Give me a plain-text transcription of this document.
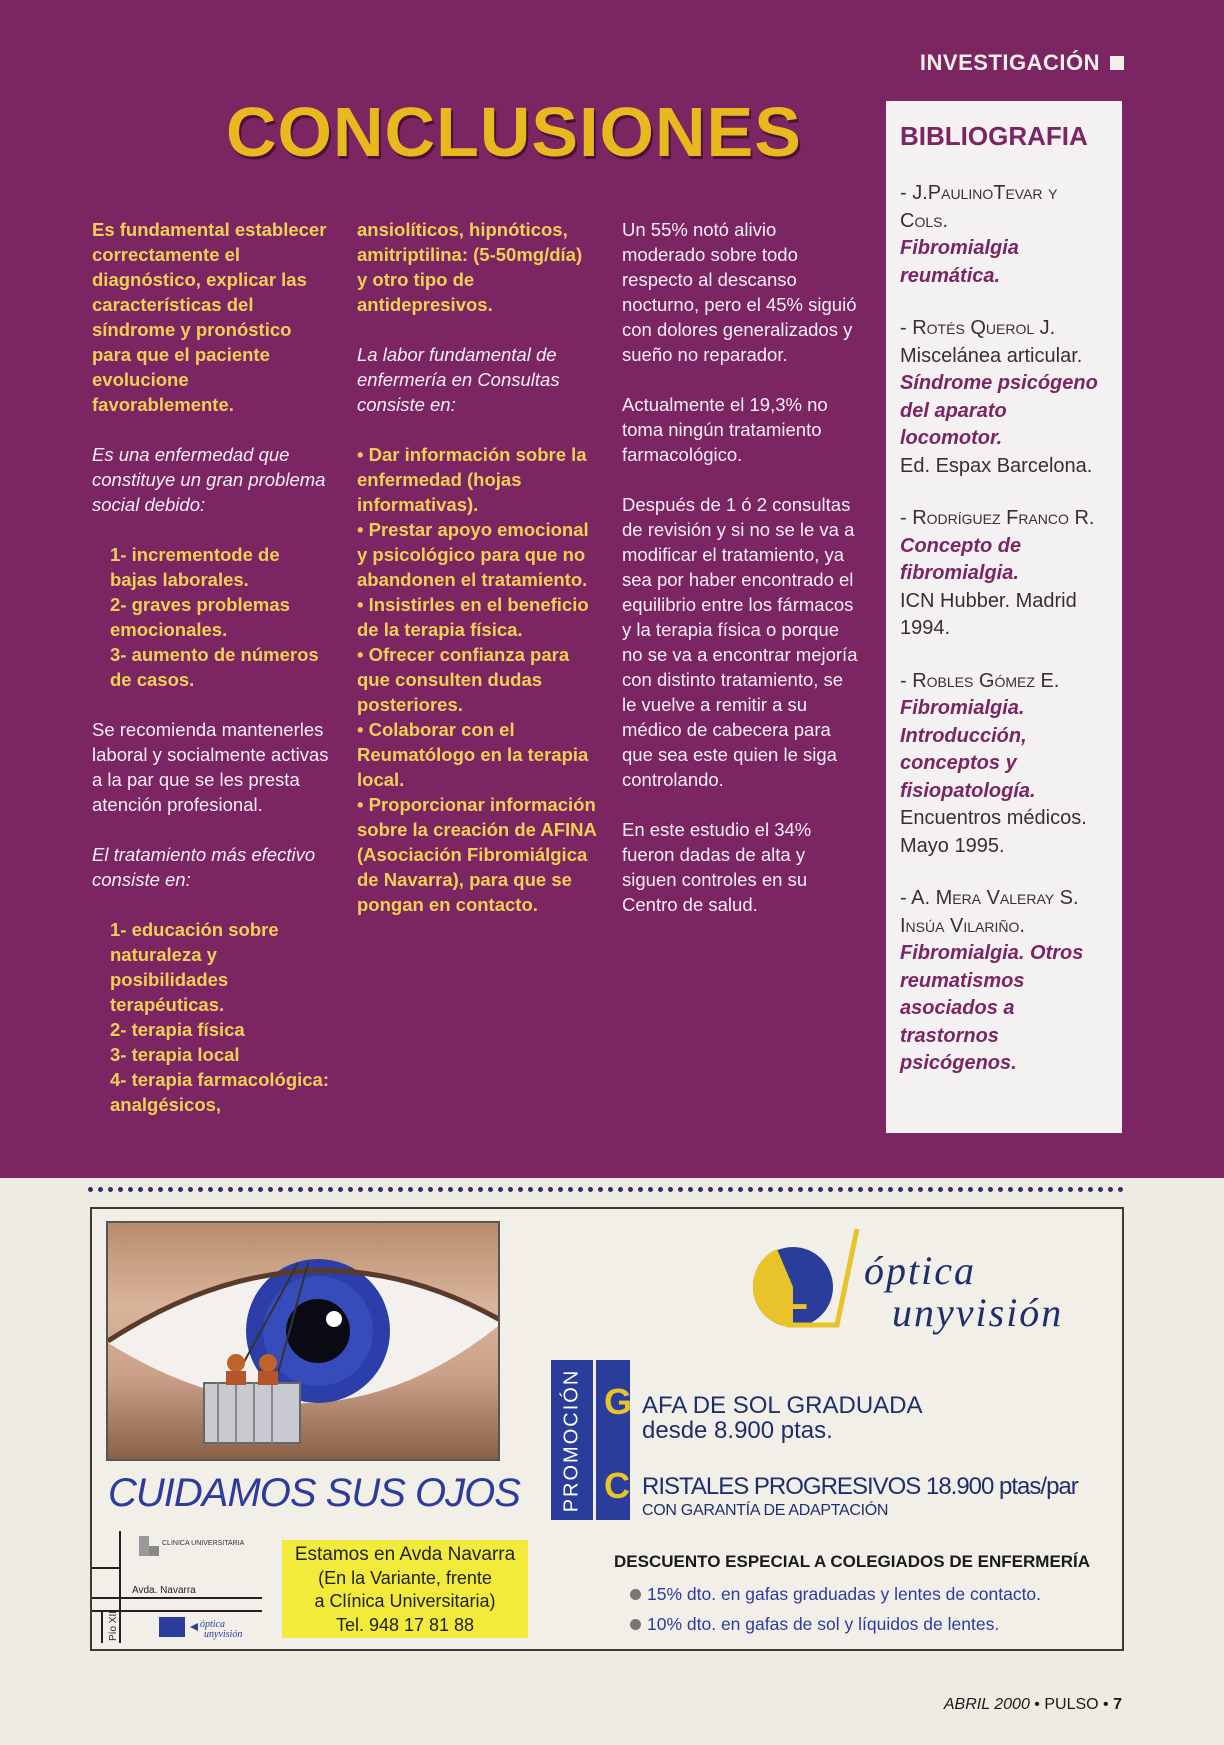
INVESTIGACIÓN
CONCLUSIONES

Es fundamental establecer correctamente el diagnóstico, explicar las características del síndrome y pronóstico para que el paciente evolucione favorablemente.

Es una enfermedad que constituye un gran problema social debido:

1- incrementode de bajas laborales.
2- graves problemas emocionales.
3- aumento de números de casos.

Se recomienda mantenerles laboral y socialmente activas a la par que se les presta atención profesional.

El tratamiento más efectivo consiste en:

1- educación sobre naturaleza y posibilidades terapéuticas.
2- terapia física
3- terapia local
4- terapia farmacológica: analgésicos,

ansiolíticos, hipnóticos, amitriptilina: (5-50mg/día) y otro tipo de antidepresivos.

La labor fundamental de enfermería en Consultas consiste en:

• Dar información sobre la enfermedad (hojas informativas).
• Prestar apoyo emocional y psicológico para que no abandonen el tratamiento.
• Insistirles en el beneficio de la terapia física.
• Ofrecer confianza para que consulten dudas posteriores.
• Colaborar con el Reumatólogo en la terapia local.
• Proporcionar información sobre la creación de AFINA (Asociación Fibromiálgica de Navarra), para que se pongan en contacto.

Un 55% notó alivio moderado sobre todo respecto al descanso nocturno, pero el 45% siguió con dolores generalizados y sueño no reparador.

Actualmente el 19,3% no toma ningún tratamiento farmacológico.

Después de 1 ó 2 consultas de revisión y si no se le va a modificar el tratamiento, ya sea por haber encontrado el equilibrio entre los fármacos y la terapia física o porque no se va a encontrar mejoría con distinto tratamiento, se le vuelve a remitir a su médico de cabecera para que sea este quien le siga controlando.

En este estudio el 34% fueron dadas de alta y siguen controles en su Centro de salud.

BIBLIOGRAFIA
- J.PaulinoTevar y Cols.
Fibromialgia reumática.
- Rotés Querol J.
Miscelánea articular.
Síndrome psicógeno del aparato locomotor.
Ed. Espax Barcelona.
- Rodríguez Franco R.
Concepto de fibromialgia.
ICN Hubber. Madrid 1994.
- Robles Gómez E.
Fibromialgia. Introducción, conceptos y fisiopatología.
Encuentros médicos. Mayo 1995.
- A. Mera Valeray S. Insúa Vilariño.
Fibromialgia. Otros reumatismos asociados a trastornos psicógenos.
CUIDAMOS SUS OJOS
CLINICA UNIVERSITARIA
Avda. Navarra
Pío XII	óptica
unyvisión
Estamos en Avda Navarra
(En la Variante, frente
a Clínica Universitaria)
Tel. 948 17 81 88
L óptica
unyvisión
PROMOCIÓN G AFA DE SOL GRADUADA
desde 8.900 ptas.
C RISTALES PROGRESIVOS 18.900 ptas/par
CON GARANTÍA DE ADAPTACIÓN
DESCUENTO ESPECIAL A COLEGIADOS DE ENFERMERÍA
15% dto. en gafas graduadas y lentes de contacto.
10% dto. en gafas de sol y líquidos de lentes.
ABRIL 2000 • PULSO • 7
